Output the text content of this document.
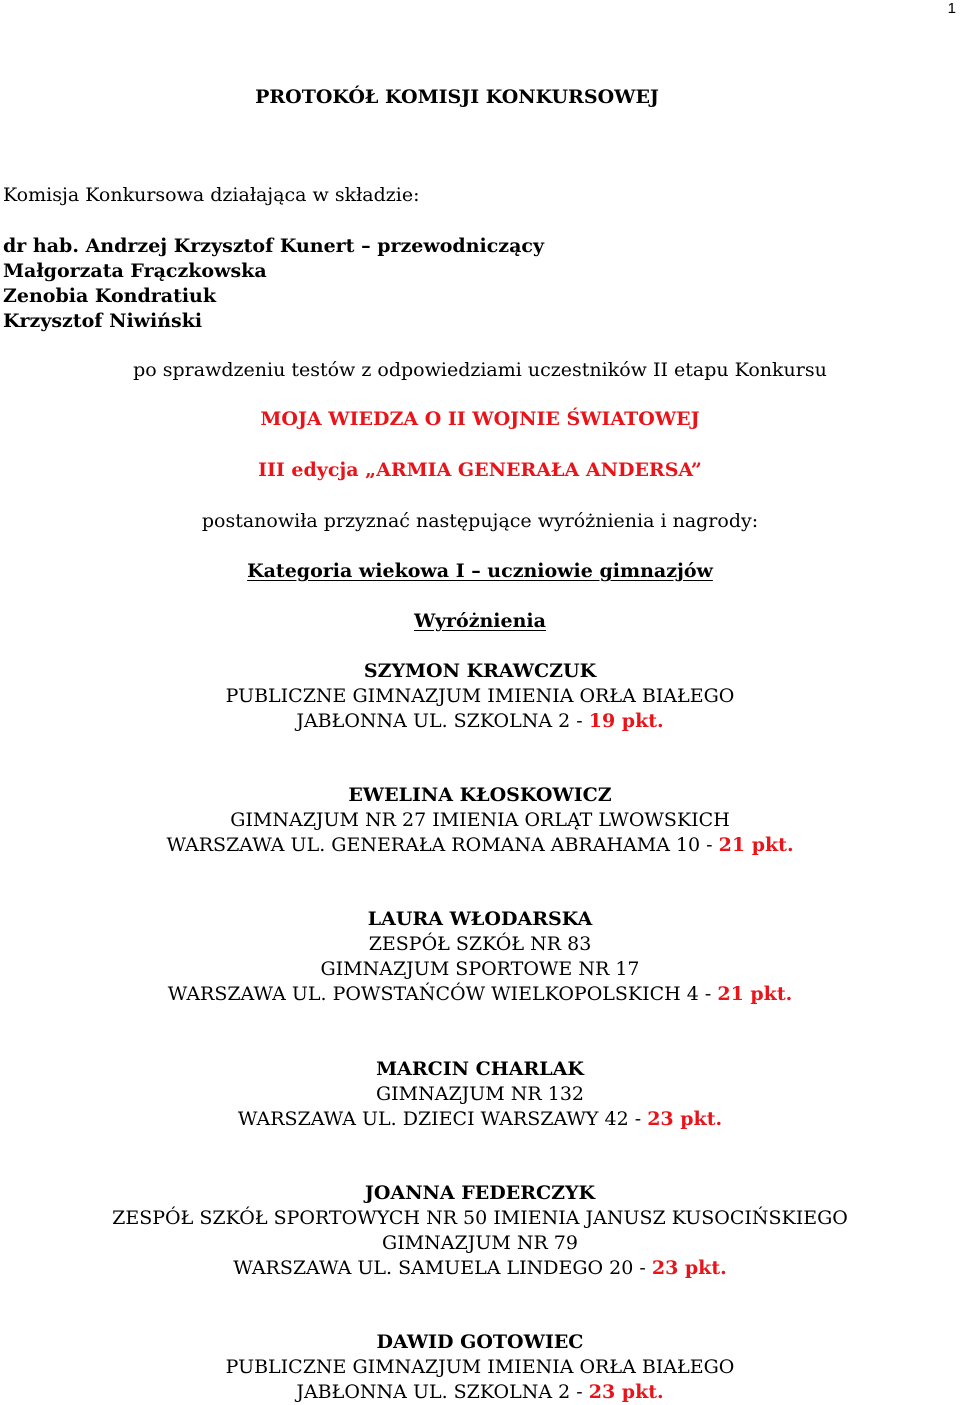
1
PROTOKÓŁ KOMISJI KONKURSOWEJ
Komisja Konkursowa działająca w składzie:
dr hab. Andrzej Krzysztof Kunert – przewodniczący
Małgorzata Frączkowska
Zenobia Kondratiuk
Krzysztof Niwiński
po sprawdzeniu testów z odpowiedziami uczestników II etapu Konkursu
MOJA WIEDZA O II WOJNIE ŚWIATOWEJ
III edycja „ARMIA GENERAŁA ANDERSA”
postanowiła przyznać następujące wyróżnienia i nagrody:
Kategoria wiekowa I – uczniowie gimnazjów
Wyróżnienia
SZYMON KRAWCZUK
PUBLICZNE GIMNAZJUM IMIENIA ORŁA BIAŁEGO
JABŁONNA UL. SZKOLNA 2 - 19 pkt.
EWELINA KŁOSKOWICZ
GIMNAZJUM NR 27 IMIENIA ORLĄT LWOWSKICH
WARSZAWA UL. GENERAŁA ROMANA ABRAHAMA 10 - 21 pkt.
LAURA WŁODARSKA
ZESPÓŁ SZKÓŁ NR 83
GIMNAZJUM SPORTOWE NR 17
WARSZAWA UL. POWSTAŃCÓW WIELKOPOLSKICH 4 - 21 pkt.
MARCIN CHARLAK
GIMNAZJUM NR 132
WARSZAWA UL. DZIECI WARSZAWY 42 - 23 pkt.
JOANNA FEDERCZYK
ZESPÓŁ SZKÓŁ SPORTOWYCH NR 50 IMIENIA JANUSZ KUSOCIŃSKIEGO
GIMNAZJUM NR 79
WARSZAWA UL. SAMUELA LINDEGO 20 - 23 pkt.
DAWID GOTOWIEC
PUBLICZNE GIMNAZJUM IMIENIA ORŁA BIAŁEGO
JABŁONNA UL. SZKOLNA 2 - 23 pkt.
